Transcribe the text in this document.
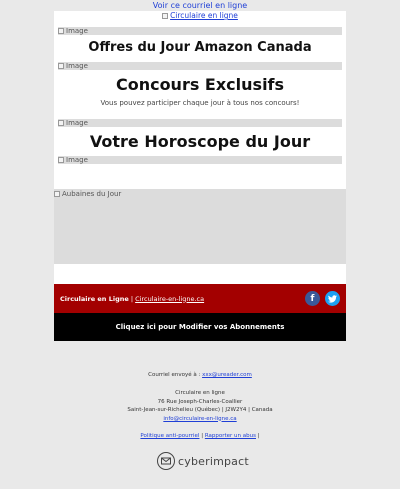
Voir ce courriel en ligne
Circulaire en ligne
Image
Offres du Jour Amazon Canada
Image
Concours Exclusifs
Vous pouvez participer chaque jour à tous nos concours!
Image
Votre Horoscope du Jour
Image
Aubaines du Jour
Circulaire en Ligne | Circulaire-en-ligne.ca	f
Cliquez ici pour Modifier vos Abonnements
Courriel envoyé à : xxx@ureader.com
Circulaire en ligne
76 Rue Joseph-Charles-Coallier
Saint-Jean-sur-Richelieu (Québec) | J2W2Y4 | Canada
info@circulaire-en-ligne.ca
Politique anti-pourriel | Rapporter un abus |
cyberimpact
